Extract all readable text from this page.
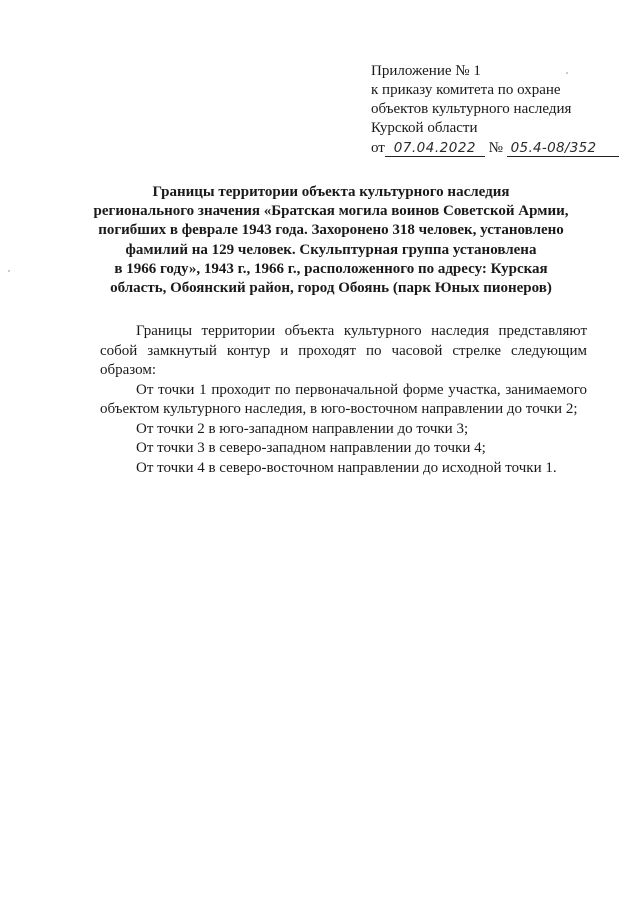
Приложение № 1
к приказу комитета по охране
объектов культурного наследия
Курской области
от 07.04.2022 № 05.4-08/352
Границы территории объекта культурного наследия
регионального значения «Братская могила воинов Советской Армии,
погибших в феврале 1943 года. Захоронено 318 человек, установлено
фамилий на 129 человек. Скульптурная группа установлена
в 1966 году», 1943 г., 1966 г., расположенного по адресу: Курская
область, Обоянский район, город Обоянь (парк Юных пионеров)

Границы территории объекта культурного наследия представляют собой замкнутый контур и проходят по часовой стрелке следующим образом:

От точки 1 проходит по первоначальной форме участка, занимаемого объектом культурного наследия, в юго-восточном направлении до точки 2;

От точки 2 в юго-западном направлении до точки 3;

От точки 3 в северо-западном направлении до точки 4;

От точки 4 в северо-восточном направлении до исходной точки 1.
